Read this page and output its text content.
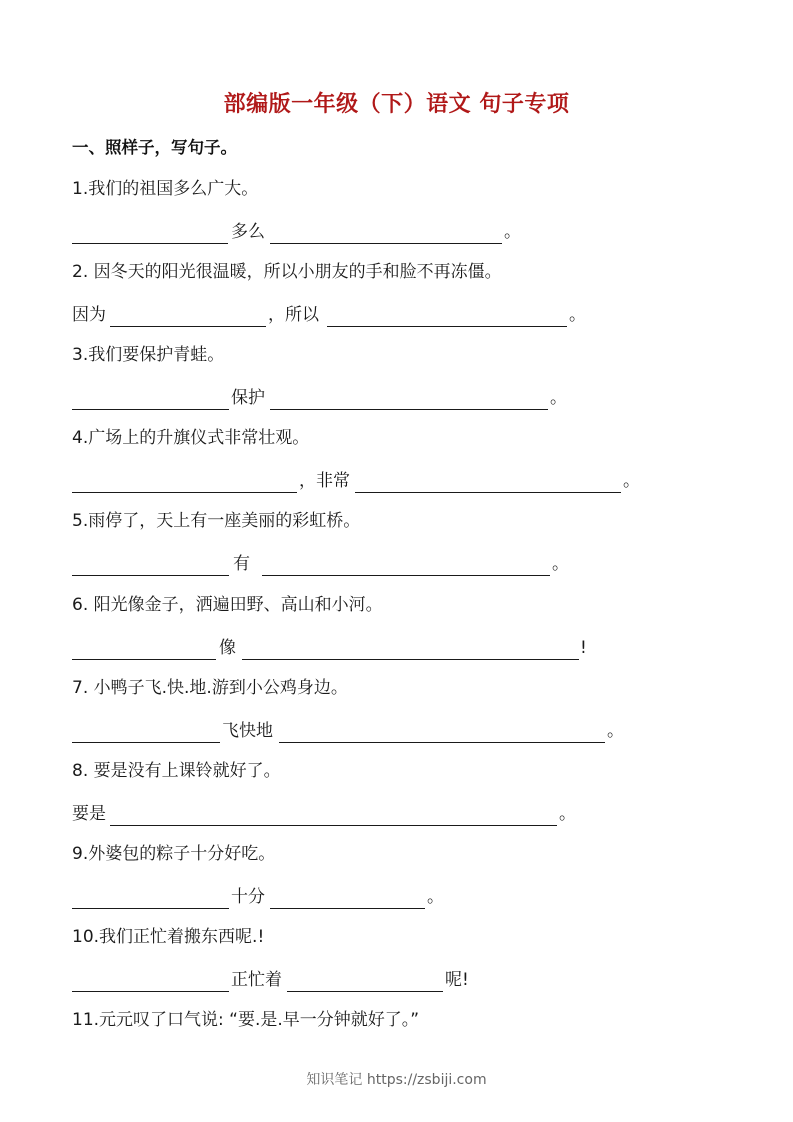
部编版一年级（下）语文 句子专项
一、照样子，写句子。
1.我们的祖国多么广大。
多么	。
2. 因冬天的阳光很温暖，所以小朋友的手和脸不再冻僵。
因为	，所以	。
3.我们要保护青蛙。
保护	。
4.广场上的升旗仪式非常壮观。
，非常	。
5.雨停了，天上有一座美丽的彩虹桥。
有	。
6. 阳光像金子，洒遍田野、高山和小河。
像	!
7. 小鸭子飞.快.地.游到小公鸡身边。
飞快地	。
8. 要是没有上课铃就好了。
要是	。
9.外婆包的粽子十分好吃。
十分	。
10.我们正忙着搬东西呢.!
正忙着	呢!
11.元元叹了口气说: “要.是.早一分钟就好了。”
知识笔记 https://zsbiji.com
